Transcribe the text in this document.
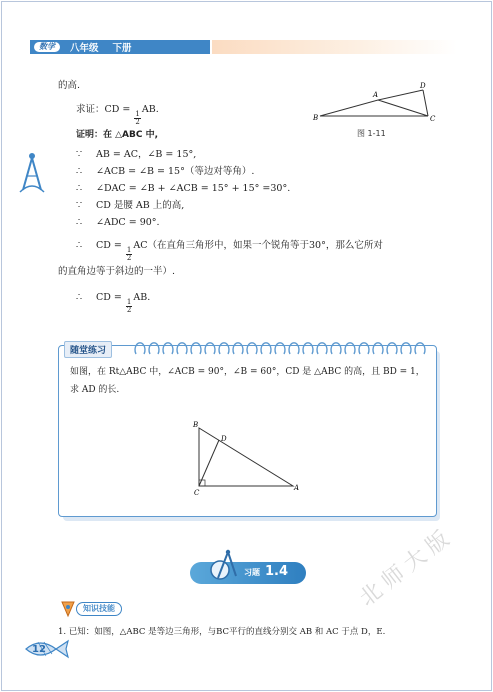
数学	八年级 下册
的高.
求证：CD =
$\frac{1}{2}$
AB.
证明：在 △ABC 中,
∵	AB = AC，∠B = 15°,
∴	∠ACB = ∠B = 15°（等边对等角）.
∴	∠DAC = ∠B + ∠ACB = 15° + 15° =30°.
∵	CD 是腰 AB 上的高,
∴	∠ADC = 90°.
∴	CD =
$\frac{1}{2}$
AC（在直角三角形中，如果一个锐角等于30°，那么它所对
的直角边等于斜边的一半）.
∴	CD =
$\frac{1}{2}$
AB.
B
A
D
C
图 1-11
随堂练习
如图，在 Rt△ABC 中，∠ACB = 90°，∠B = 60°，CD 是 △ABC 的高，且 BD = 1，
求 AD 的长.
B
D
C
A
习题 1.4
知识技能
1. 已知：如图，△ABC 是等边三角形，与BC平行的直线分别交 AB 和 AC 于点 D，E.
12
北师大版
